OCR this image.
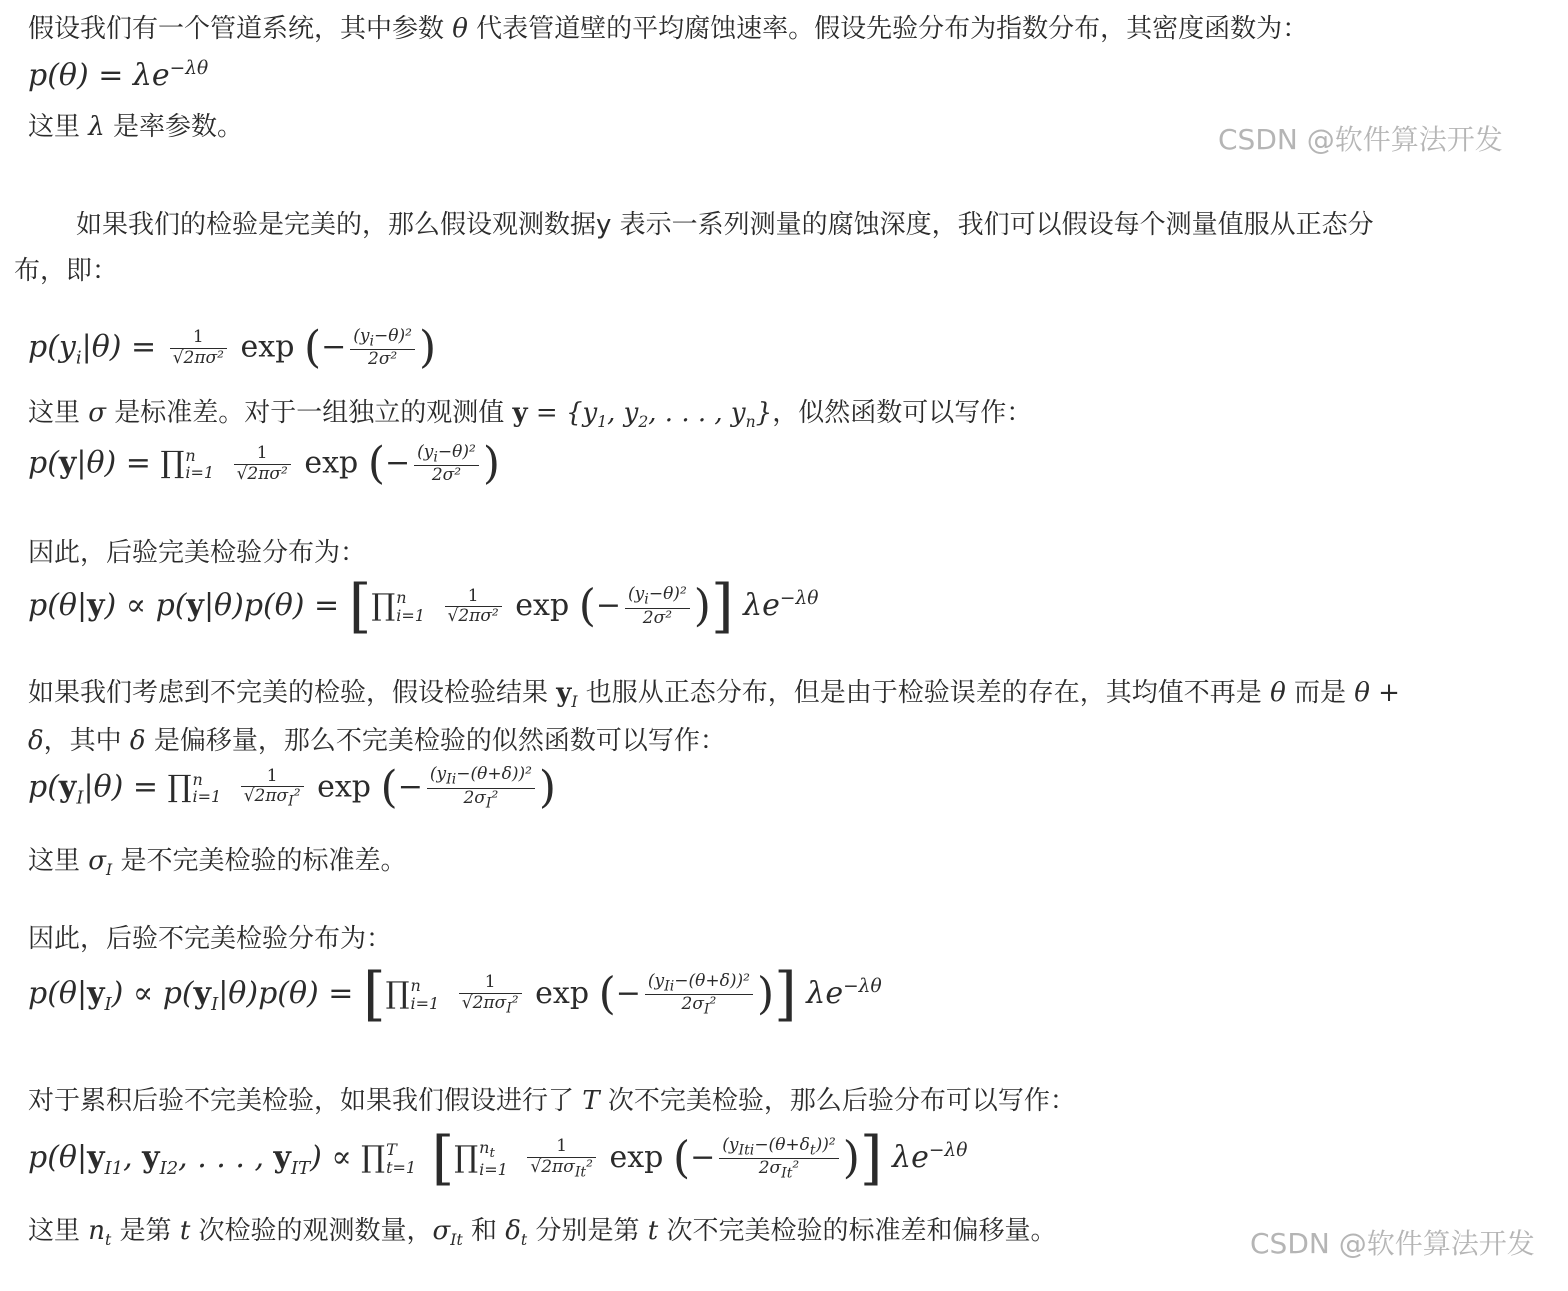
假设我们有一个管道系统，其中参数 θ 代表管道壁的平均腐蚀速率。假设先验分布为指数分布，其密度函数为：
$p(\theta) = \lambda e^{-\lambda\theta}$
这里 λ 是率参数。
如果我们的检验是完美的，那么假设观测数据y 表示一系列测量的腐蚀深度，我们可以假设每个测量值服从正态分
布，即：
$p(y_i|\theta) = \frac{1}{\text{√2πσ²}}$ exp (− $\frac{(y_i-\theta)^2}{\text{2σ²}}$ )
这里 σ 是标准差。对于一组独立的观测值 $y = \{y_1$, $y_2$, . . . , $y_n$}，似然函数可以写作：
p(y|θ) = ∏ n
i=1
$\frac{1}{\text{√2πσ²}}$ exp (− $\frac{(y_i-\theta)^2}{\text{2σ²}}$ )
因此，后验完美检验分布为：
p(θ|y) ∝ p(y|θ)p(θ) = [∏ n
i=1
$\frac{1}{\text{√2πσ²}}$ exp (− $\frac{(y_i-\theta)^2}{\text{2σ²}}$ )] $\lambda e^{-\lambda\theta}$
如果我们考虑到不完美的检验，假设检验结果 $y_I$ 也服从正态分布，但是由于检验误差的存在，其均值不再是 θ 而是 θ +
δ，其中 δ 是偏移量，那么不完美检验的似然函数可以写作：
$p(y_I|\theta)$ = ∏ n
i=1
$\frac{1}{√2\pi\sigma_I^2}$ exp (− $\frac{(y_{Ii}-(\theta+\delta))^2}{2\sigma_I^2}$ )
这里 $\sigma_I$ 是不完美检验的标准差。
因此，后验不完美检验分布为：
$p(\theta|y_I) \propto p(y_I|\theta)p(\theta)$ = [∏ n
i=1
$\frac{1}{√2\pi\sigma_I^2}$ exp (− $\frac{(y_{Ii}-(\theta+\delta))^2}{2\sigma_I^2}$ )] $\lambda e^{-\lambda\theta}$
对于累积后验不完美检验，如果我们假设进行了 T 次不完美检验，那么后验分布可以写作：
$p(\theta|y_{I1}$, $y_{I2}$, . . . , $y_{IT}$) ∝ ∏ T
t=1 [∏ $n_t$
i=1
$\frac{1}{√2\pi\sigma_{It}^2}$ exp (− $\frac{(y_{Iti}-(\theta+\delta_t))^2}{2\sigma_{It}^2}$ )] $\lambda e^{-\lambda\theta}$
这里 $n_t$ 是第 t 次检验的观测数量，$\sigma_{It}$ 和 $\delta_t$ 分别是第 t 次不完美检验的标准差和偏移量。
CSDN @软件算法开发
CSDN @软件算法开发
